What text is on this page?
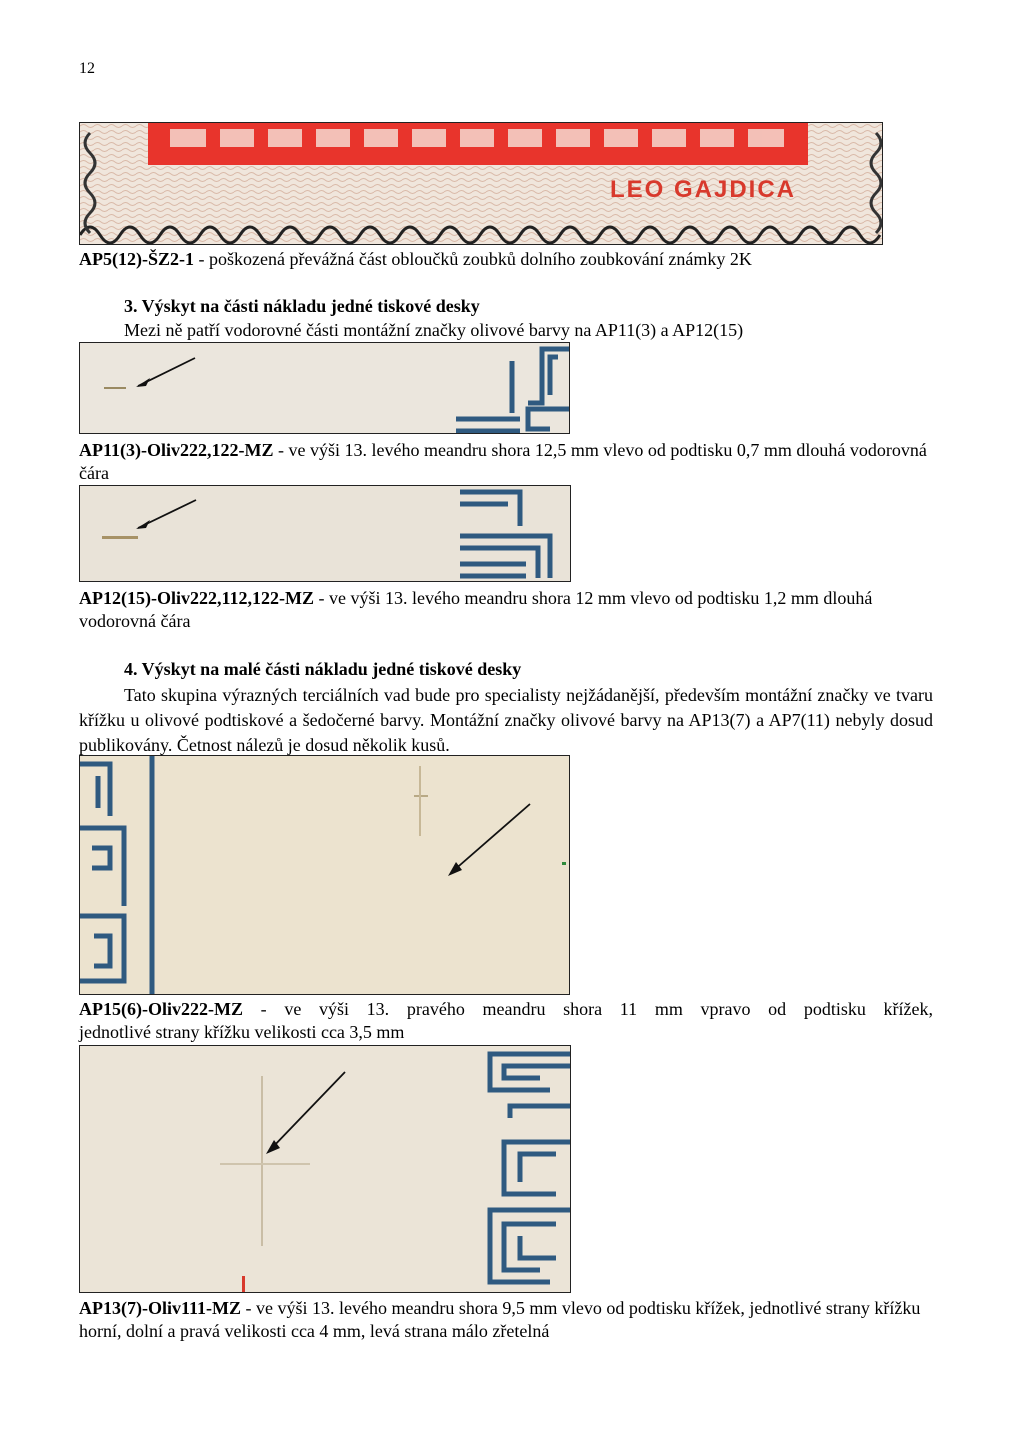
12
LEO GAJDICA
AP5(12)-ŠZ2-1 - poškozená převážná část obloučků zoubků dolního zoubkování známky 2K
3. Výskyt na části nákladu jedné tiskové desky
Mezi ně patří vodorovné části montážní značky olivové barvy na AP11(3) a AP12(15)
AP11(3)-Oliv222,122-MZ - ve výši 13. levého meandru shora 12,5 mm vlevo od podtisku 0,7 mm dlouhá vodorovná čára
AP12(15)-Oliv222,112,122-MZ - ve výši 13. levého meandru shora 12 mm vlevo od podtisku 1,2 mm dlouhá vodorovná čára
4. Výskyt na malé části nákladu jedné tiskové desky
Tato skupina výrazných terciálních vad bude pro specialisty nejžádanější, především montážní značky ve tvaru křížku u olivové podtiskové a šedočerné barvy. Montážní značky olivové barvy na AP13(7) a AP7(11) nebyly dosud publikovány. Četnost nálezů je dosud několik kusů.
AP15(6)-Oliv222-MZ - ve výši 13. pravého meandru shora 11 mm vpravo od podtisku křížek,
jednotlivé strany křížku velikosti cca 3,5 mm
AP13(7)-Oliv111-MZ - ve výši 13. levého meandru shora 9,5 mm vlevo od podtisku křížek, jednotlivé strany křížku horní, dolní a pravá velikosti cca 4 mm, levá strana málo zřetelná
